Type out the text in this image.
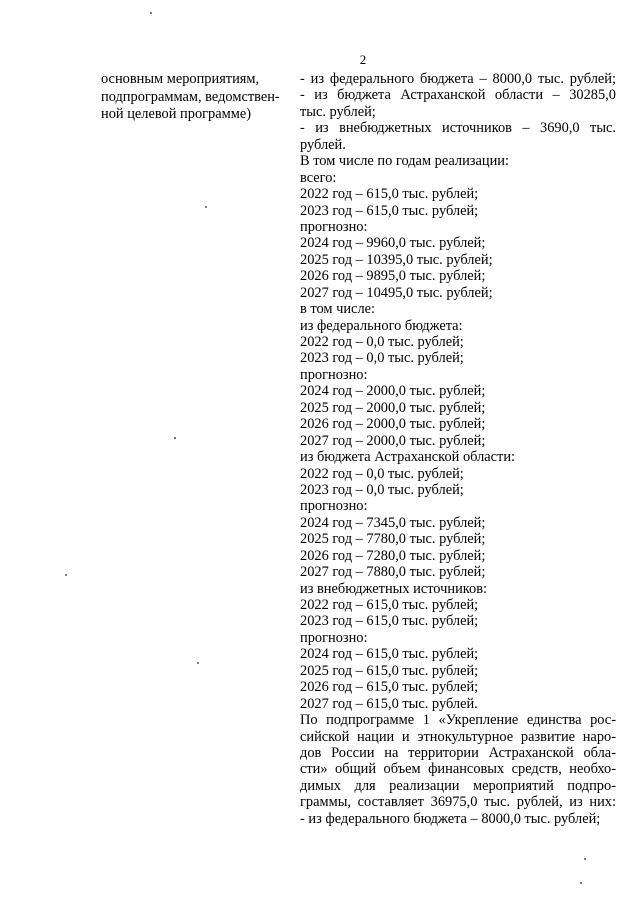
2
основным мероприятиям,
подпрограммам, ведомствен-
ной целевой программе)
- из федерального бюджета – 8000,0 тыс. рублей;
- из бюджета Астраханской области – 30285,0
тыс. рублей;
- из внебюджетных источников – 3690,0 тыс.
рублей.
В том числе по годам реализации:
всего:
2022 год – 615,0 тыс. рублей;
2023 год – 615,0 тыс. рублей;
прогнозно:
2024 год – 9960,0 тыс. рублей;
2025 год – 10395,0 тыс. рублей;
2026 год – 9895,0 тыс. рублей;
2027 год – 10495,0 тыс. рублей;
в том числе:
из федерального бюджета:
2022 год – 0,0 тыс. рублей;
2023 год – 0,0 тыс. рублей;
прогнозно:
2024 год – 2000,0 тыс. рублей;
2025 год – 2000,0 тыс. рублей;
2026 год – 2000,0 тыс. рублей;
2027 год – 2000,0 тыс. рублей;
из бюджета Астраханской области:
2022 год – 0,0 тыс. рублей;
2023 год – 0,0 тыс. рублей;
прогнозно:
2024 год – 7345,0 тыс. рублей;
2025 год – 7780,0 тыс. рублей;
2026 год – 7280,0 тыс. рублей;
2027 год – 7880,0 тыс. рублей;
из внебюджетных источников:
2022 год – 615,0 тыс. рублей;
2023 год – 615,0 тыс. рублей;
прогнозно:
2024 год – 615,0 тыс. рублей;
2025 год – 615,0 тыс. рублей;
2026 год – 615,0 тыс. рублей;
2027 год – 615,0 тыс. рублей.
По подпрограмме 1 «Укрепление единства рос-
сийской нации и этнокультурное развитие наро-
дов России на территории Астраханской обла-
сти» общий объем финансовых средств, необхо-
димых для реализации мероприятий подпро-
граммы, составляет 36975,0 тыс. рублей, из них:
- из федерального бюджета – 8000,0 тыс. рублей;
